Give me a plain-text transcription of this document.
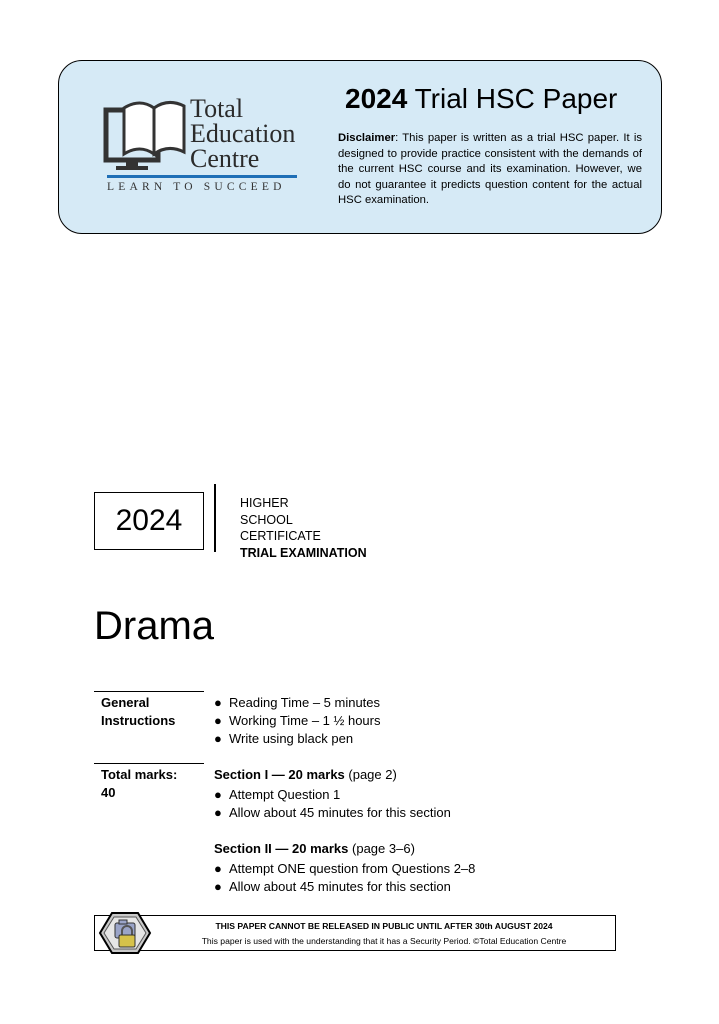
Total
Education
Centre
LEARN TO SUCCEED
2024 Trial HSC Paper
Disclaimer: This paper is written as a trial HSC paper. It is designed to provide practice consistent with the demands of the current HSC course and its examination. However, we do not guarantee it predicts question content for the actual HSC examination.
2024
HIGHER
SCHOOL
CERTIFICATE
TRIAL EXAMINATION
Drama
General
Instructions
● Reading Time – 5 minutes
● Working Time – 1 ½ hours
● Write using black pen
Total marks:
40
Section I — 20 marks (page 2)
● Attempt Question 1
● Allow about 45 minutes for this section
Section II — 20 marks (page 3–6)
● Attempt ONE question from Questions 2–8
● Allow about 45 minutes for this section
THIS PAPER CANNOT BE RELEASED IN PUBLIC UNTIL AFTER 30th AUGUST 2024
This paper is used with the understanding that it has a Security Period. ©Total Education Centre
